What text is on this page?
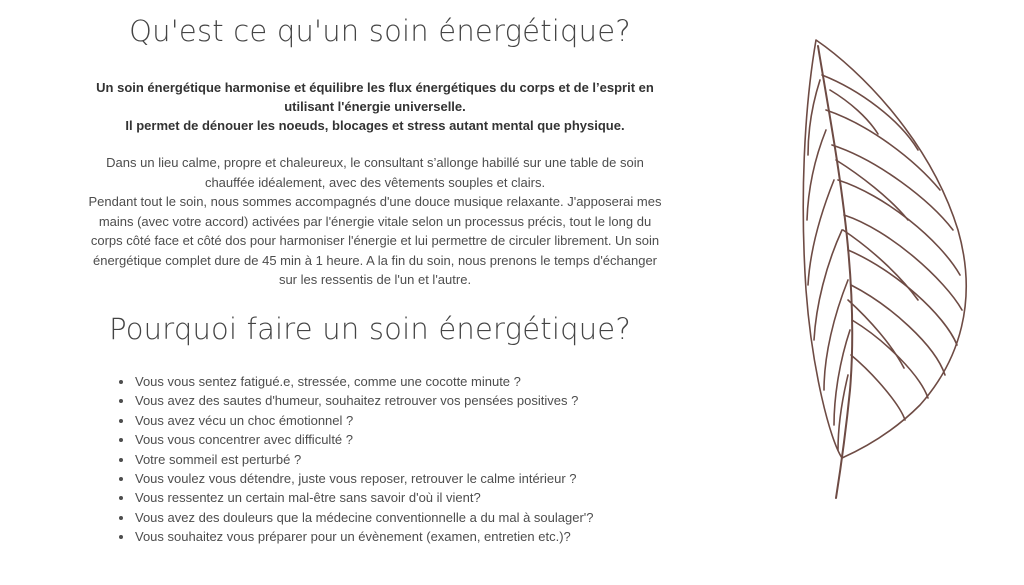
Qu'est ce qu'un soin énergétique?

Un soin énergétique harmonise et équilibre les flux énergétiques du corps et de l’esprit en

utilisant l'énergie universelle.

Il permet de dénouer les noeuds, blocages et stress autant mental que physique.

Dans un lieu calme, propre et chaleureux, le consultant s’allonge habillé sur une table de soin

chauffée idéalement, avec des vêtements souples et clairs.

Pendant tout le soin, nous sommes accompagnés d'une douce musique relaxante. J'apposerai mes

mains (avec votre accord) activées par l'énergie vitale selon un processus précis, tout le long du

corps côté face et côté dos pour harmoniser l'énergie et lui permettre de circuler librement. Un soin

énergétique complet dure de 45 min à 1 heure. A la fin du soin, nous prenons le temps d'échanger

sur les ressentis de l'un et l'autre.

Pourquoi faire un soin énergétique?
• Vous vous sentez fatigué.e, stressée, comme une cocotte minute ?
• Vous avez des sautes d'humeur, souhaitez retrouver vos pensées positives ?
• Vous avez vécu un choc émotionnel ?
• Vous vous concentrer avec difficulté ?
• Votre sommeil est perturbé ?
• Vous voulez vous détendre, juste vous reposer, retrouver le calme intérieur ?
• Vous ressentez un certain mal-être sans savoir d'où il vient?
• Vous avez des douleurs que la médecine conventionnelle a du mal à soulager'?
• Vous souhaitez vous préparer pour un évènement (examen, entretien etc.)?
